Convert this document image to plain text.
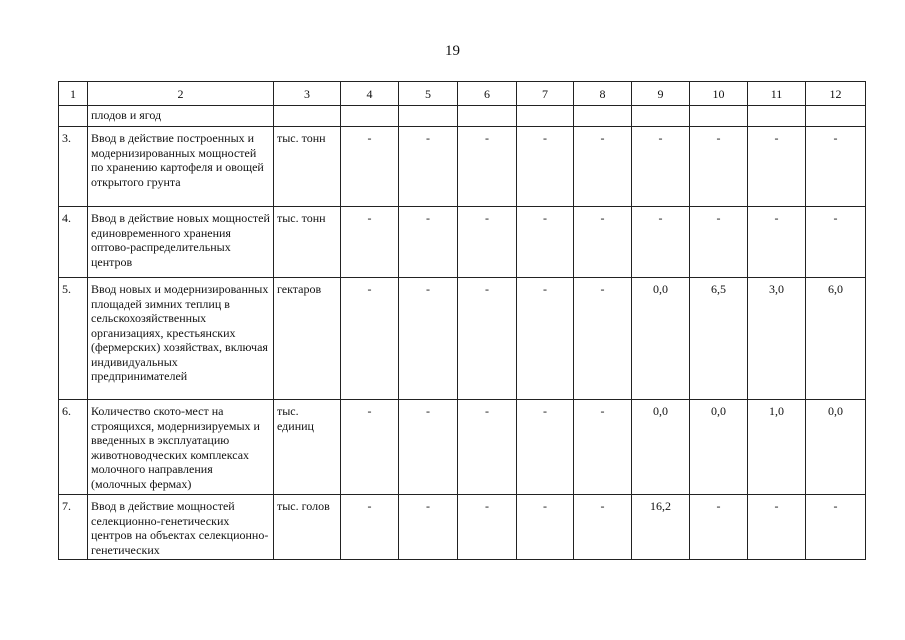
19
1	2	3	4	5	6	7	8	9	10	11	12
	плодов и ягод										
3.	Ввод в действие построенных и модернизированных мощностей по хранению картофеля и овощей открытого грунта	тыс. тонн	-	-	-	-	-	-	-	-	-
4.	Ввод в действие новых мощностей единовременного хранения оптово-распределительных центров	тыс. тонн	-	-	-	-	-	-	-	-	-
5.	Ввод новых и модернизированных площадей зимних теплиц в сельскохозяйственных организациях, крестьянских (фермерских) хозяйствах, включая индивидуальных предпринимателей	гектаров	-	-	-	-	-	0,0	6,5	3,0	6,0
6.	Количество ското-мест на строящихся, модернизируемых и введенных в эксплуатацию животноводческих комплексах молочного направления (молочных фермах)	тыс. единиц	-	-	-	-	-	0,0	0,0	1,0	0,0
7.	Ввод в действие мощностей селекционно-генетических центров на объектах селекционно-генетических	тыс. голов	-	-	-	-	-	16,2	-	-	-
